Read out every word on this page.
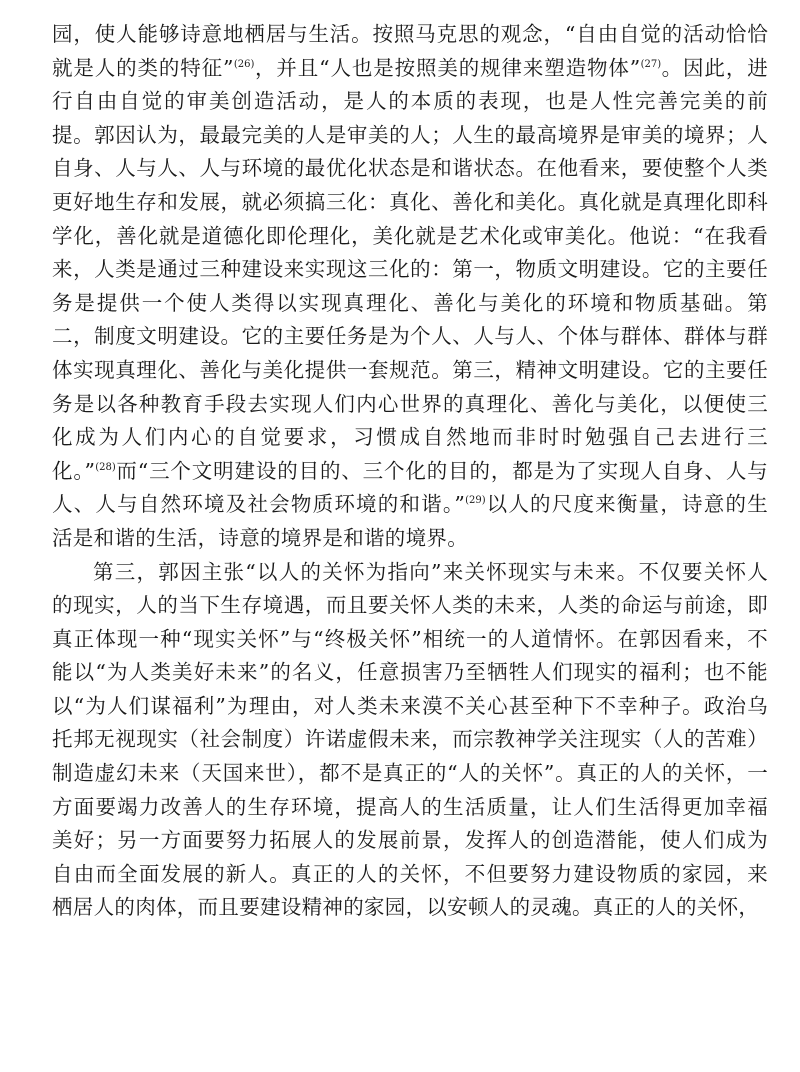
园，使人能够诗意地栖居与生活。按照马克思的观念，“自由自觉的活动恰恰
就是人的类的特征”$^{(26)}$，并且“人也是按照美的规律来塑造物体”$^{(27)}$。因此，进
行自由自觉的审美创造活动，是人的本质的表现，也是人性完善完美的前
提。郭因认为，最最完美的人是审美的人；人生的最高境界是审美的境界；人
自身、人与人、人与环境的最优化状态是和谐状态。在他看来，要使整个人类
更好地生存和发展，就必须搞三化：真化、善化和美化。真化就是真理化即科
学化，善化就是道德化即伦理化，美化就是艺术化或审美化。他说：“在我看
来，人类是通过三种建设来实现这三化的：第一，物质文明建设。它的主要任
务是提供一个使人类得以实现真理化、善化与美化的环境和物质基础。第
二，制度文明建设。它的主要任务是为个人、人与人、个体与群体、群体与群
体实现真理化、善化与美化提供一套规范。第三，精神文明建设。它的主要任
务是以各种教育手段去实现人们内心世界的真理化、善化与美化，以便使三
化成为人们内心的自觉要求，习惯成自然地而非时时勉强自己去进行三
化。”$^{(28)}$而“三个文明建设的目的、三个化的目的，都是为了实现人自身、人与
人、人与自然环境及社会物质环境的和谐。”$^{(29)}$以人的尺度来衡量，诗意的生
活是和谐的生活，诗意的境界是和谐的境界。
第三，郭因主张“以人的关怀为指向”来关怀现实与未来。不仅要关怀人
的现实，人的当下生存境遇，而且要关怀人类的未来，人类的命运与前途，即
真正体现一种“现实关怀”与“终极关怀”相统一的人道情怀。在郭因看来，不
能以“为人类美好未来”的名义，任意损害乃至牺牲人们现实的福利；也不能
以“为人们谋福利”为理由，对人类未来漠不关心甚至种下不幸种子。政治乌
托邦无视现实（社会制度）许诺虚假未来，而宗教神学关注现实（人的苦难）
制造虚幻未来（天国来世），都不是真正的“人的关怀”。真正的人的关怀，一
方面要竭力改善人的生存环境，提高人的生活质量，让人们生活得更加幸福
美好；另一方面要努力拓展人的发展前景，发挥人的创造潜能，使人们成为
自由而全面发展的新人。真正的人的关怀，不但要努力建设物质的家园，来
栖居人的肉体，而且要建设精神的家园，以安顿人的灵魂。真正的人的关怀，
